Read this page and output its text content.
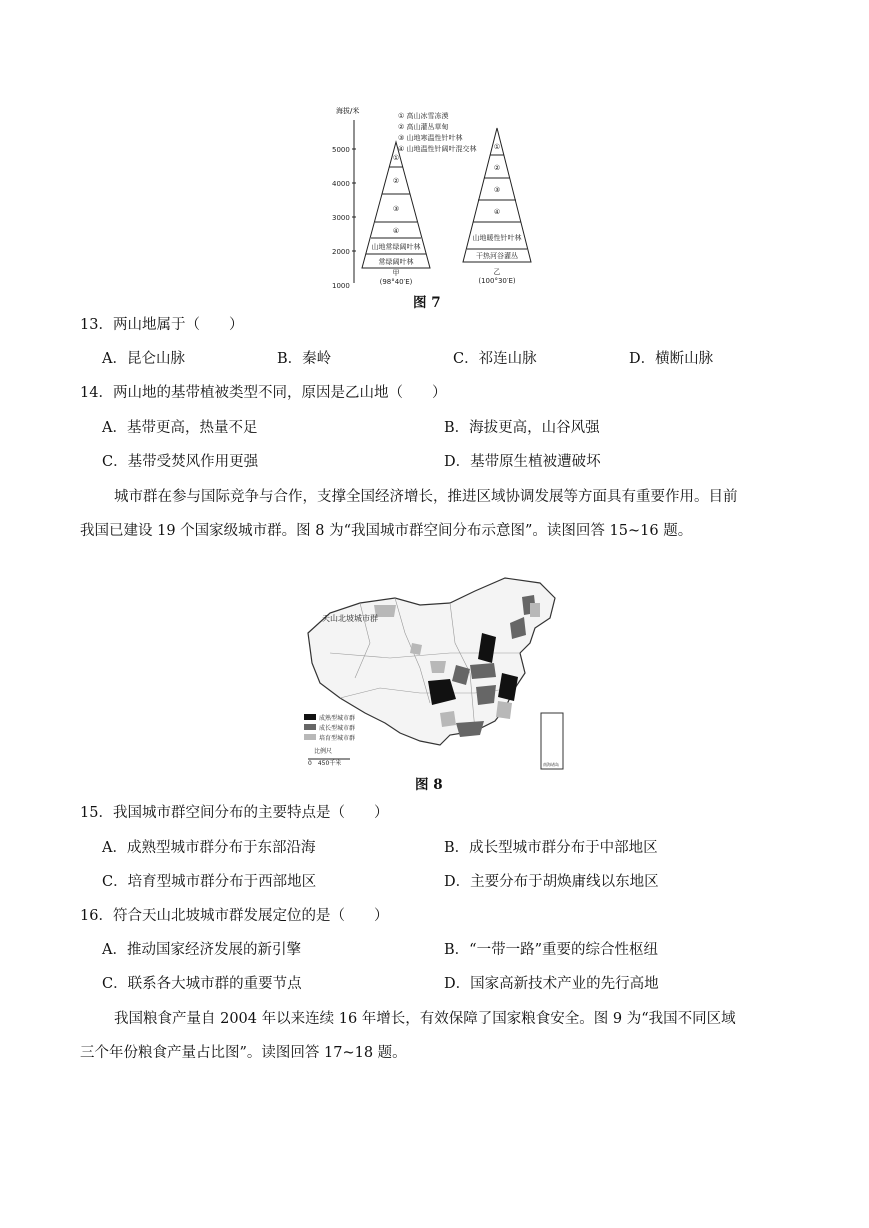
海拔/米
5000
4000
3000
2000
1000
① 高山冰雪冻漠
② 高山灌丛草甸
③ 山地寒温性针叶林
④ 山地温性针阔叶混交林
①
②
③
④
山地常绿阔叶林
常绿阔叶林
甲
(98°40′E)
①
②
③
④
山地暖性针叶林
干热河谷灌丛
乙
(100°30′E)
图 7
13．两山地属于（　　）
A．昆仑山脉	B．秦岭	C．祁连山脉	D．横断山脉
14．两山地的基带植被类型不同，原因是乙山地（　　）
A．基带更高，热量不足	B．海拔更高，山谷风强
C．基带受焚风作用更强	D．基带原生植被遭破坏
城市群在参与国际竞争与合作，支撑全国经济增长，推进区域协调发展等方面具有重要作用。目前我国已建设 19 个国家级城市群。图 8 为“我国城市群空间分布示意图”。读图回答 15~16 题。
天山北坡城市群
成熟型城市群
成长型城市群
培育型城市群
比例尺
0　450千米	南海诸岛
图 8
15．我国城市群空间分布的主要特点是（　　）
A．成熟型城市群分布于东部沿海	B．成长型城市群分布于中部地区
C．培育型城市群分布于西部地区	D．主要分布于胡焕庸线以东地区
16．符合天山北坡城市群发展定位的是（　　）
A．推动国家经济发展的新引擎	B．“一带一路”重要的综合性枢纽
C．联系各大城市群的重要节点	D．国家高新技术产业的先行高地
我国粮食产量自 2004 年以来连续 16 年增长，有效保障了国家粮食安全。图 9 为“我国不同区域三个年份粮食产量占比图”。读图回答 17~18 题。
